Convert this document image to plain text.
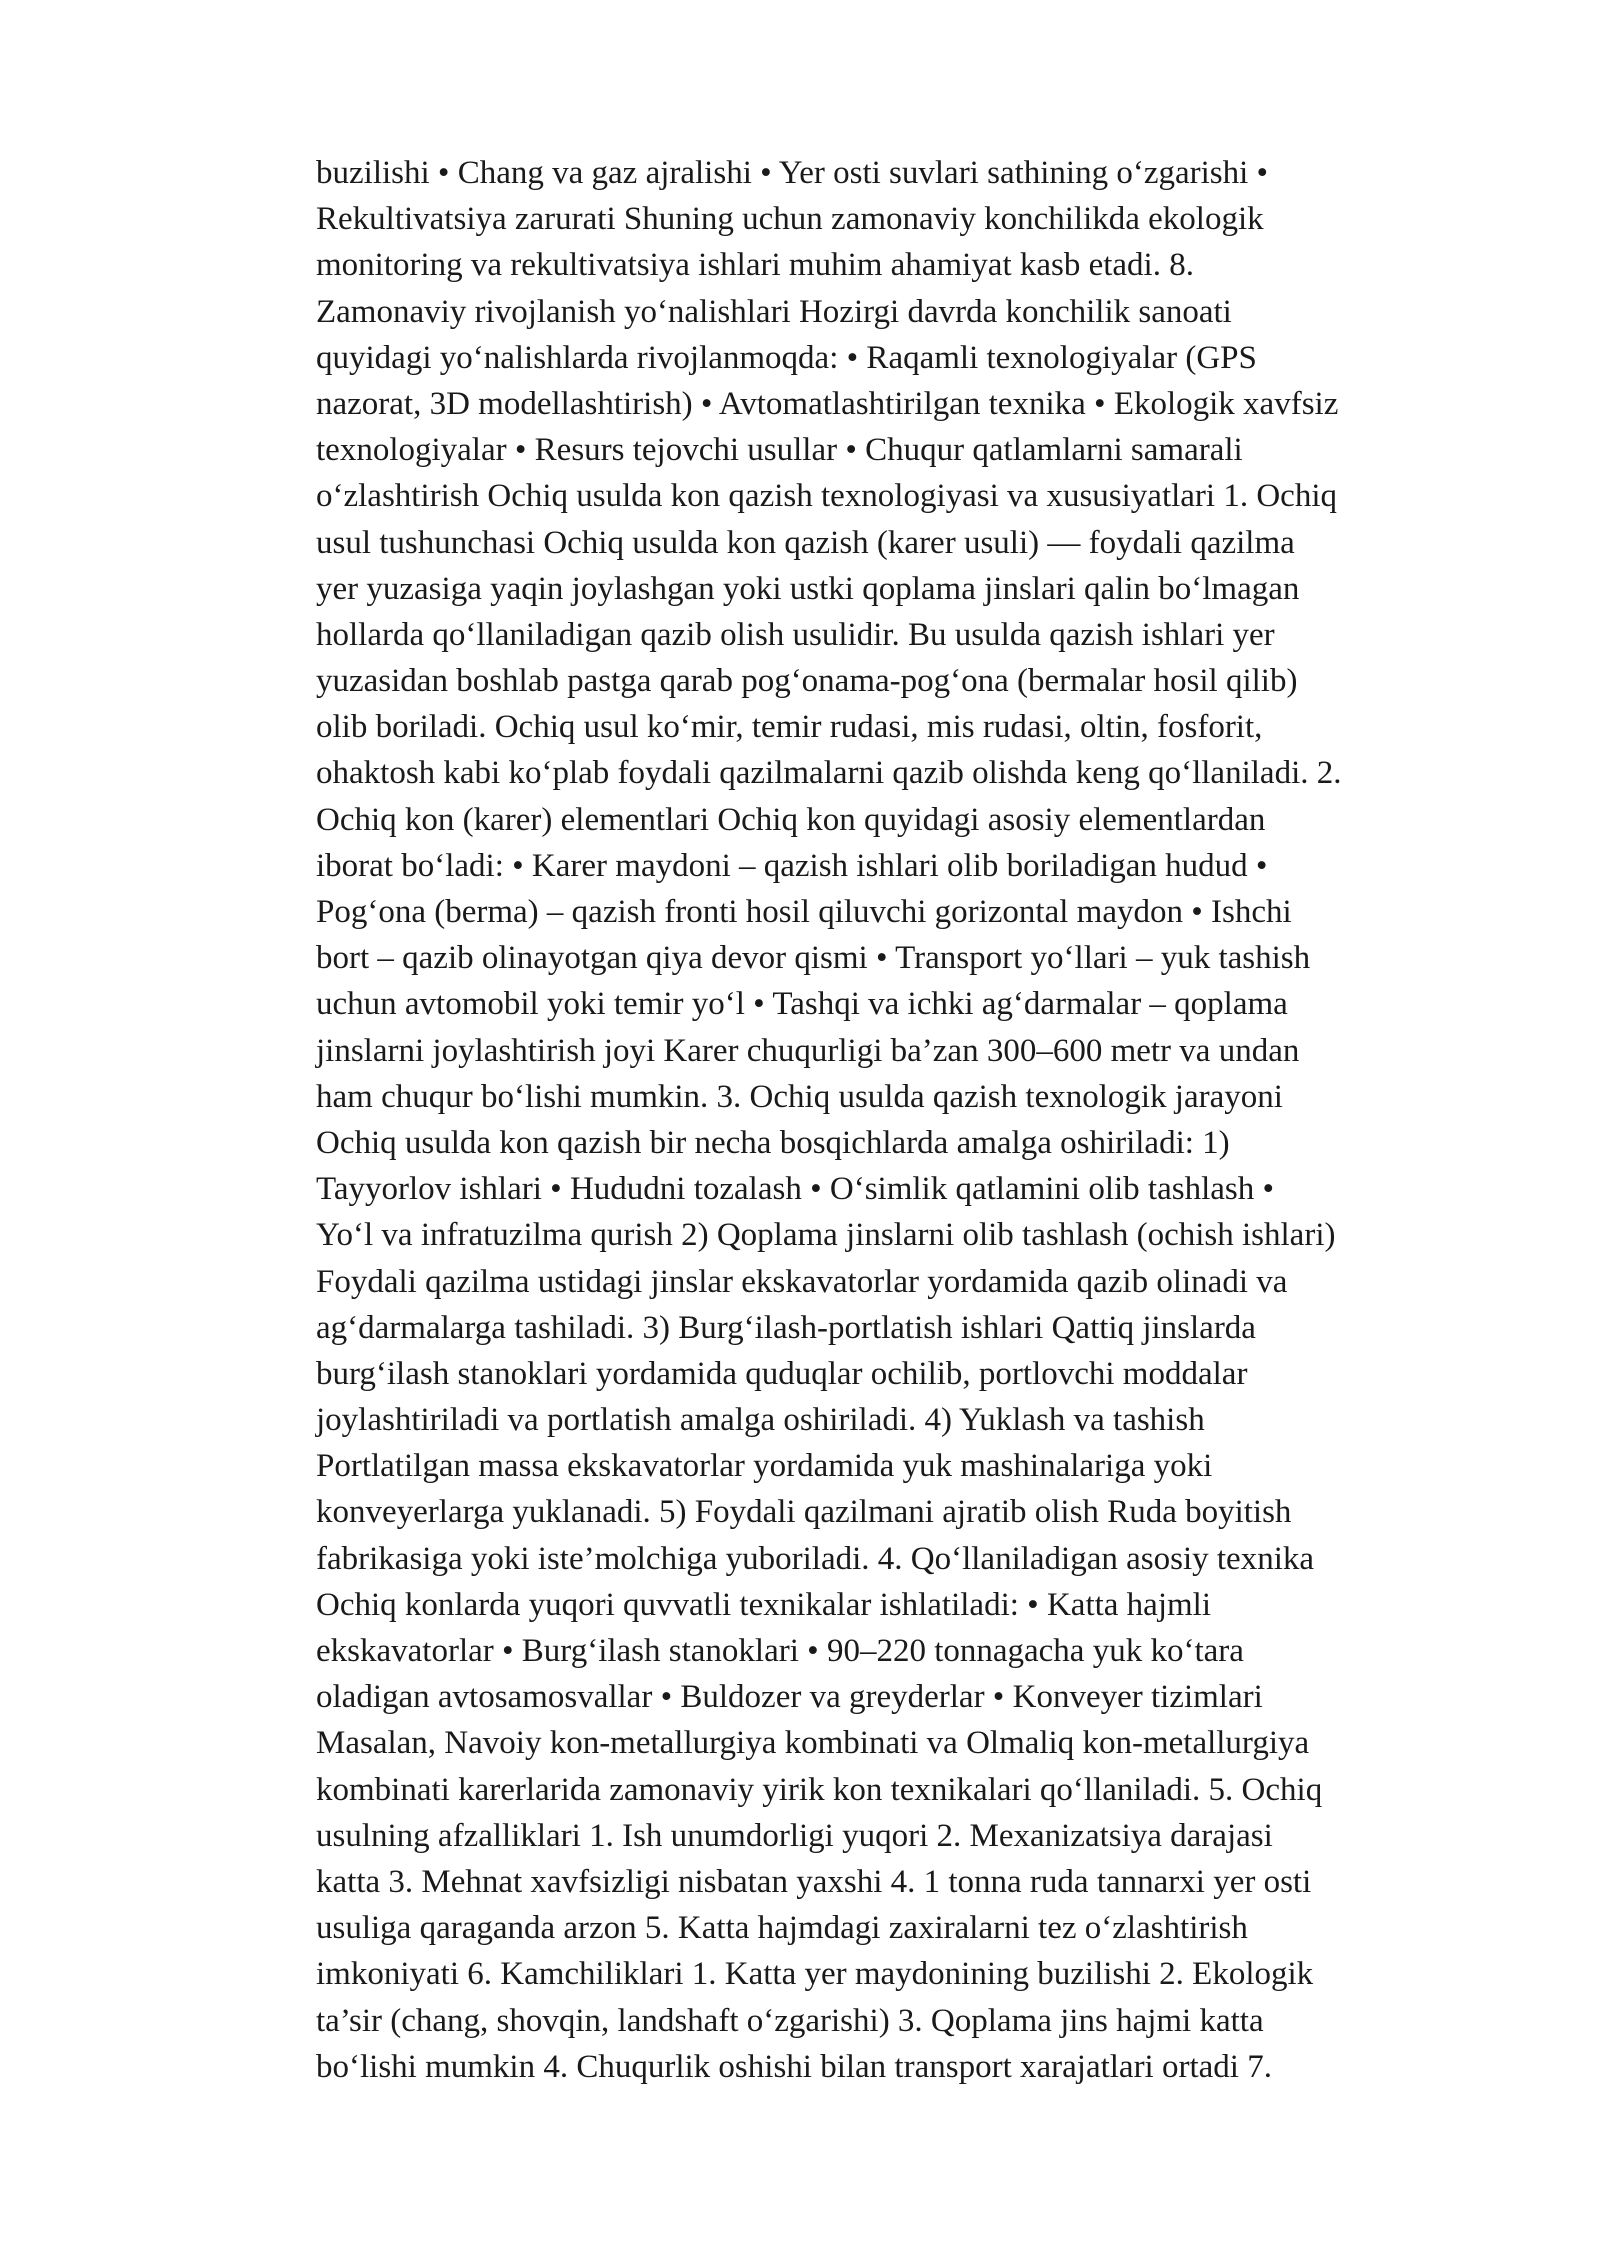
buzilishi • Chang va gaz ajralishi • Yer osti suvlari sathining o‘zgarishi •
Rekultivatsiya zarurati Shuning uchun zamonaviy konchilikda ekologik
monitoring va rekultivatsiya ishlari muhim ahamiyat kasb etadi. 8.
Zamonaviy rivojlanish yo‘nalishlari Hozirgi davrda konchilik sanoati
quyidagi yo‘nalishlarda rivojlanmoqda: • Raqamli texnologiyalar (GPS
nazorat, 3D modellashtirish) • Avtomatlashtirilgan texnika • Ekologik xavfsiz
texnologiyalar • Resurs tejovchi usullar • Chuqur qatlamlarni samarali
o‘zlashtirish Ochiq usulda kon qazish texnologiyasi va xususiyatlari 1. Ochiq
usul tushunchasi Ochiq usulda kon qazish (karer usuli) — foydali qazilma
yer yuzasiga yaqin joylashgan yoki ustki qoplama jinslari qalin bo‘lmagan
hollarda qo‘llaniladigan qazib olish usulidir. Bu usulda qazish ishlari yer
yuzasidan boshlab pastga qarab pog‘onama-pog‘ona (bermalar hosil qilib)
olib boriladi. Ochiq usul ko‘mir, temir rudasi, mis rudasi, oltin, fosforit,
ohaktosh kabi ko‘plab foydali qazilmalarni qazib olishda keng qo‘llaniladi. 2.
Ochiq kon (karer) elementlari Ochiq kon quyidagi asosiy elementlardan
iborat bo‘ladi: • Karer maydoni – qazish ishlari olib boriladigan hudud •
Pog‘ona (berma) – qazish fronti hosil qiluvchi gorizontal maydon • Ishchi
bort – qazib olinayotgan qiya devor qismi • Transport yo‘llari – yuk tashish
uchun avtomobil yoki temir yo‘l • Tashqi va ichki ag‘darmalar – qoplama
jinslarni joylashtirish joyi Karer chuqurligi ba’zan 300–600 metr va undan
ham chuqur bo‘lishi mumkin. 3. Ochiq usulda qazish texnologik jarayoni
Ochiq usulda kon qazish bir necha bosqichlarda amalga oshiriladi: 1)
Tayyorlov ishlari • Hududni tozalash • O‘simlik qatlamini olib tashlash •
Yo‘l va infratuzilma qurish 2) Qoplama jinslarni olib tashlash (ochish ishlari)
Foydali qazilma ustidagi jinslar ekskavatorlar yordamida qazib olinadi va
ag‘darmalarga tashiladi. 3) Burg‘ilash-portlatish ishlari Qattiq jinslarda
burg‘ilash stanoklari yordamida quduqlar ochilib, portlovchi moddalar
joylashtiriladi va portlatish amalga oshiriladi. 4) Yuklash va tashish
Portlatilgan massa ekskavatorlar yordamida yuk mashinalariga yoki
konveyerlarga yuklanadi. 5) Foydali qazilmani ajratib olish Ruda boyitish
fabrikasiga yoki iste’molchiga yuboriladi. 4. Qo‘llaniladigan asosiy texnika
Ochiq konlarda yuqori quvvatli texnikalar ishlatiladi: • Katta hajmli
ekskavatorlar • Burg‘ilash stanoklari • 90–220 tonnagacha yuk ko‘tara
oladigan avtosamosvallar • Buldozer va greyderlar • Konveyer tizimlari
Masalan, Navoiy kon-metallurgiya kombinati va Olmaliq kon-metallurgiya
kombinati karerlarida zamonaviy yirik kon texnikalari qo‘llaniladi. 5. Ochiq
usulning afzalliklari 1. Ish unumdorligi yuqori 2. Mexanizatsiya darajasi
katta 3. Mehnat xavfsizligi nisbatan yaxshi 4. 1 tonna ruda tannarxi yer osti
usuliga qaraganda arzon 5. Katta hajmdagi zaxiralarni tez o‘zlashtirish
imkoniyati 6. Kamchiliklari 1. Katta yer maydonining buzilishi 2. Ekologik
ta’sir (chang, shovqin, landshaft o‘zgarishi) 3. Qoplama jins hajmi katta
bo‘lishi mumkin 4. Chuqurlik oshishi bilan transport xarajatlari ortadi 7.
